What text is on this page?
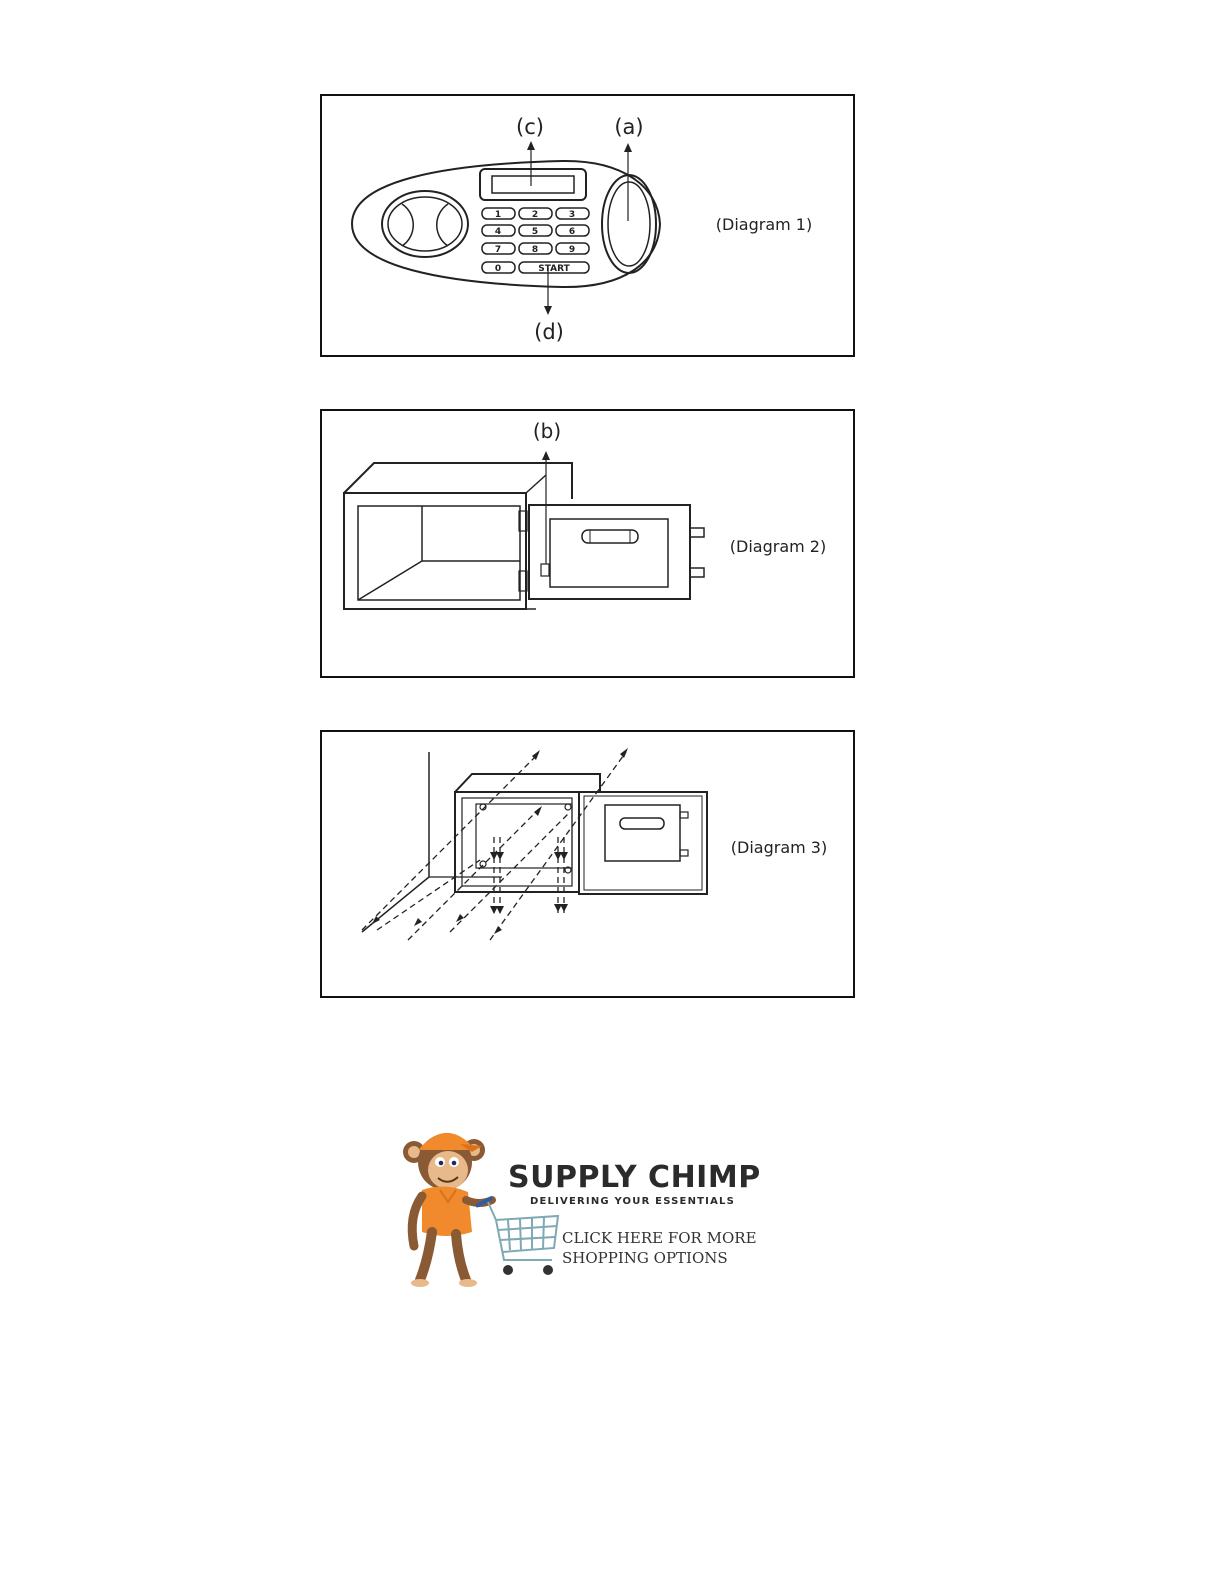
1	2	3
4	5	6
7	8	9
0	START
(c)	(a)
(d)
(Diagram 1)
(b)
(Diagram 2)
(Diagram 3)
SUPPLY CHIMP
DELIVERING YOUR ESSENTIALS
CLICK HERE FOR MORE
SHOPPING OPTIONS
